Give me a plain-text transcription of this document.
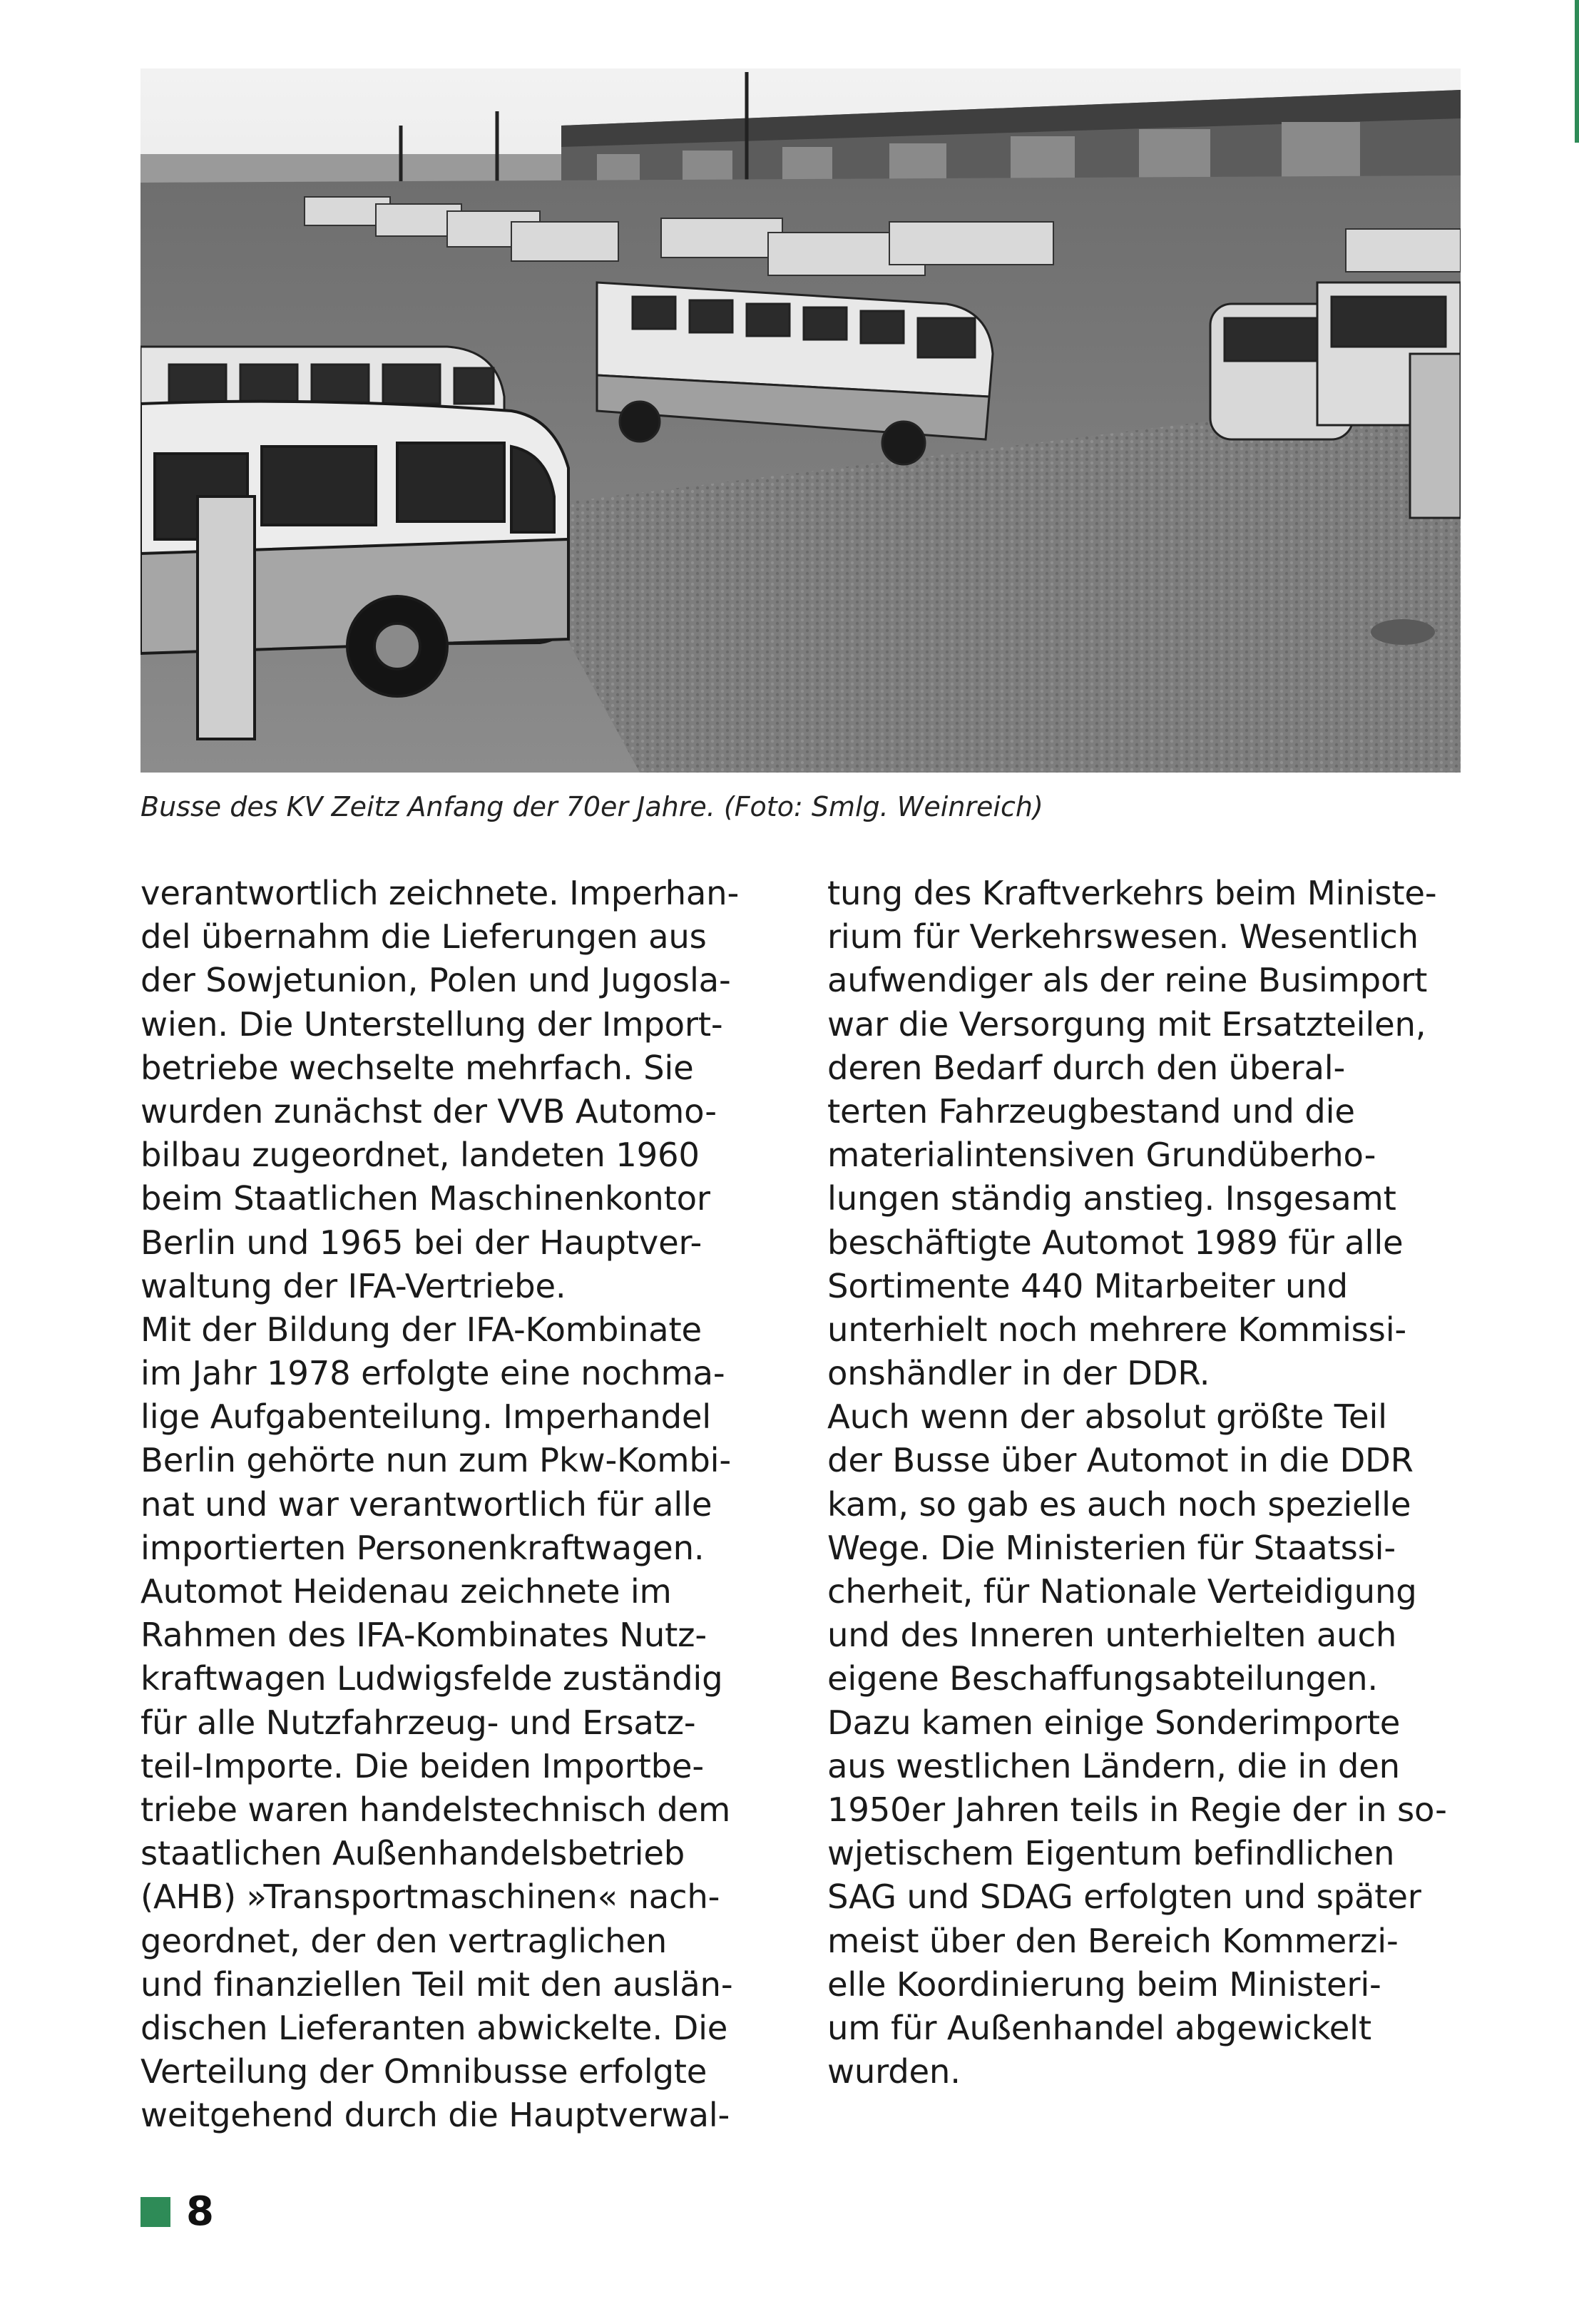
Busse des KV Zeitz Anfang der 70er Jahre. (Foto: Smlg. Weinreich)
verantwortlich zeichnete. Imperhan-
del übernahm die Lieferungen aus
der Sowjetunion, Polen und Jugosla-
wien. Die Unterstellung der Import-
betriebe wechselte mehrfach. Sie
wurden zunächst der VVB Automo-
bilbau zugeordnet, landeten 1960
beim Staatlichen Maschinenkontor
Berlin und 1965 bei der Hauptver-
waltung der IFA-Vertriebe.
Mit der Bildung der IFA-Kombinate
im Jahr 1978 erfolgte eine nochma-
lige Aufgabenteilung. Imperhandel
Berlin gehörte nun zum Pkw-Kombi-
nat und war verantwortlich für alle
importierten Personenkraftwagen.
Automot Heidenau zeichnete im
Rahmen des IFA-Kombinates Nutz-
kraftwagen Ludwigsfelde zuständig
für alle Nutzfahrzeug- und Ersatz-
teil-Importe. Die beiden Importbe-
triebe waren handelstechnisch dem
staatlichen Außenhandelsbetrieb
(AHB) »Transportmaschinen« nach-
geordnet, der den vertraglichen
und finanziellen Teil mit den auslän-
dischen Lieferanten abwickelte. Die
Verteilung der Omnibusse erfolgte
weitgehend durch die Hauptverwal-
tung des Kraftverkehrs beim Ministe-
rium für Verkehrswesen. Wesentlich
aufwendiger als der reine Busimport
war die Versorgung mit Ersatzteilen,
deren Bedarf durch den überal-
terten Fahrzeugbestand und die
materialintensiven Grundüberho-
lungen ständig anstieg. Insgesamt
beschäftigte Automot 1989 für alle
Sortimente 440 Mitarbeiter und
unterhielt noch mehrere Kommissi-
onshändler in der DDR.
Auch wenn der absolut größte Teil
der Busse über Automot in die DDR
kam, so gab es auch noch spezielle
Wege. Die Ministerien für Staatssi-
cherheit, für Nationale Verteidigung
und des Inneren unterhielten auch
eigene Beschaffungsabteilungen.
Dazu kamen einige Sonderimporte
aus westlichen Ländern, die in den
1950er Jahren teils in Regie der in so-
wjetischem Eigentum befindlichen
SAG und SDAG erfolgten und später
meist über den Bereich Kommerzi-
elle Koordinierung beim Ministeri-
um für Außenhandel abgewickelt
wurden.
8
